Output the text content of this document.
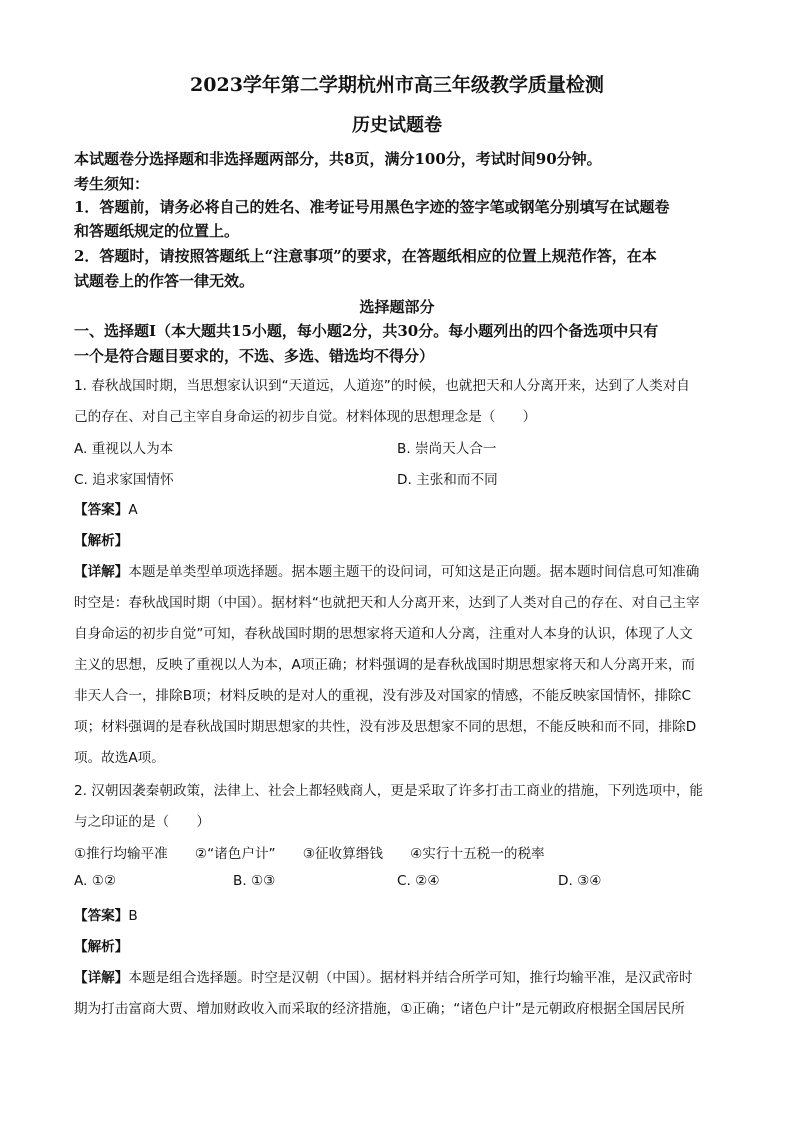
2023学年第二学期杭州市高三年级教学质量检测
历史试题卷
本试题卷分选择题和非选择题两部分，共8页，满分100分，考试时间90分钟。
考生须知：
1．答题前，请务必将自己的姓名、准考证号用黑色字迹的签字笔或钢笔分别填写在试题卷
和答题纸规定的位置上。
2．答题时，请按照答题纸上“注意事项”的要求，在答题纸相应的位置上规范作答，在本
试题卷上的作答一律无效。
选择题部分
一、选择题Ⅰ（本大题共15小题，每小题2分，共30分。每小题列出的四个备选项中只有
一个是符合题目要求的，不选、多选、错选均不得分）
1. 春秋战国时期，当思想家认识到“天道远，人道迩”的时候，也就把天和人分离开来，达到了人类对自
己的存在、对自己主宰自身命运的初步自觉。材料体现的思想理念是（　　）
A. 重视以人为本	B. 崇尚天人合一
C. 追求家国情怀	D. 主张和而不同
【答案】A
【解析】
【详解】本题是单类型单项选择题。据本题主题干的设问词，可知这是正向题。据本题时间信息可知准确
时空是：春秋战国时期（中国）。据材料“也就把天和人分离开来，达到了人类对自己的存在、对自己主宰
自身命运的初步自觉”可知，春秋战国时期的思想家将天道和人分离，注重对人本身的认识，体现了人文
主义的思想，反映了重视以人为本，A项正确；材料强调的是春秋战国时期思想家将天和人分离开来，而
非天人合一，排除B项；材料反映的是对人的重视，没有涉及对国家的情感，不能反映家国情怀，排除C
项；材料强调的是春秋战国时期思想家的共性，没有涉及思想家不同的思想，不能反映和而不同，排除D
项。故选A项。
2. 汉朝因袭秦朝政策，法律上、社会上都轻贱商人，更是采取了许多打击工商业的措施，下列选项中，能
与之印证的是（　　）
①推行均输平准　　②“诸色户计”　　③征收算缗钱　　④实行十五税一的税率
A. ①②	B. ①③	C. ②④	D. ③④
【答案】B
【解析】
【详解】本题是组合选择题。时空是汉朝（中国）。据材料并结合所学可知，推行均输平准，是汉武帝时
期为打击富商大贾、增加财政收入而采取的经济措施，①正确；“诸色户计”是元朝政府根据全国居民所
